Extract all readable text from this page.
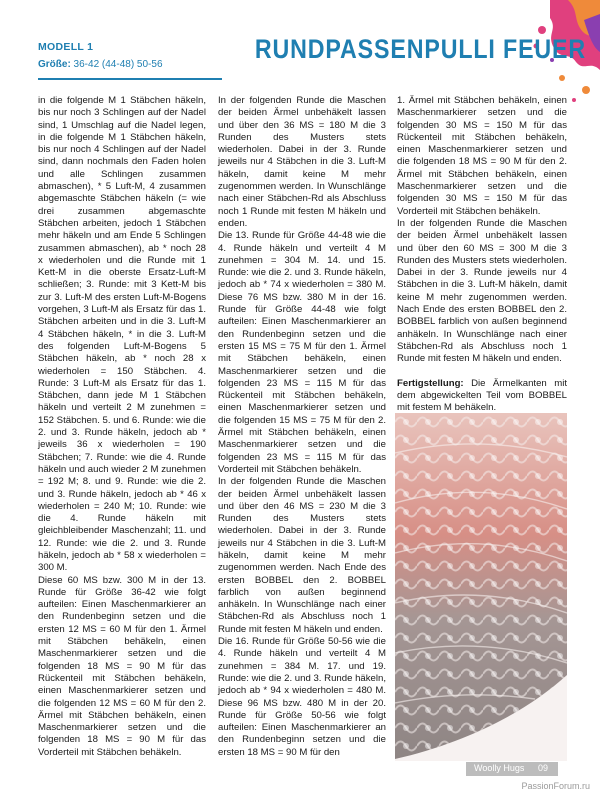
MODELL 1
Größe: 36-42 (44-48) 50-56
RUNDPASSENPULLI FEUER

in die folgende M 1 Stäbchen häkeln, bis nur noch 3 Schlingen auf der Nadel sind, 1 Umschlag auf die Nadel legen, in die folgende M 1 Stäbchen häkeln, bis nur noch 4 Schlingen auf der Nadel sind, dann nochmals den Faden holen und alle Schlingen zusammen abmaschen), * 5 Luft-M, 4 zusammen abgemaschte Stäbchen häkeln (= wie drei zusammen abgemaschte Stäbchen arbeiten, jedoch 1 Stäbchen mehr häkeln und am Ende 5 Schlingen zusammen abmaschen), ab * noch 28 x wiederholen und die Runde mit 1 Kett-M in die oberste Ersatz-Luft-M schließen; 3. Runde: mit 3 Kett-M bis zur 3. Luft-M des ersten Luft-M-Bogens vorgehen, 3 Luft-M als Ersatz für das 1. Stäbchen arbeiten und in die 3. Luft-M 4 Stäbchen häkeln, * in die 3. Luft-M des folgenden Luft-M-Bogens 5 Stäbchen häkeln, ab * noch 28 x wiederholen = 150 Stäbchen. 4. Runde: 3 Luft-M als Ersatz für das 1. Stäbchen, dann jede M 1 Stäbchen häkeln und verteilt 2 M zunehmen = 152 Stäbchen. 5. und 6. Runde: wie die 2. und 3. Runde häkeln, jedoch ab * jeweils 36 x wiederholen = 190 Stäbchen; 7. Runde: wie die 4. Runde häkeln und auch wieder 2 M zunehmen = 192 M; 8. und 9. Runde: wie die 2. und 3. Runde häkeln, jedoch ab * 46 x wiederholen = 240 M; 10. Runde: wie die 4. Runde häkeln mit gleichbleibender Maschenzahl; 11. und 12. Runde: wie die 2. und 3. Runde häkeln, jedoch ab * 58 x wiederholen = 300 M.

Diese 60 MS bzw. 300 M in der 13. Runde für Größe 36-42 wie folgt aufteilen: Einen Maschenmarkierer an den Rundenbeginn setzen und die ersten 12 MS = 60 M für den 1. Ärmel mit Stäbchen behäkeln, einen Maschenmarkierer setzen und die folgenden 18 MS = 90 M für das Rückenteil mit Stäbchen behäkeln, einen Maschenmarkierer setzen und die folgenden 12 MS = 60 M für den 2. Ärmel mit Stäbchen behäkeln, einen Maschenmarkierer setzen und die folgenden 18 MS = 90 M für das Vorderteil mit Stäbchen behäkeln.

In der folgenden Runde die Maschen der beiden Ärmel unbehäkelt lassen und über den 36 MS = 180 M die 3 Runden des Musters stets wiederholen. Dabei in der 3. Runde jeweils nur 4 Stäbchen in die 3. Luft-M häkeln, damit keine M mehr zugenommen werden. In Wunschlänge nach einer Stäbchen-Rd als Abschluss noch 1 Runde mit festen M häkeln und enden.

Die 13. Runde für Größe 44-48 wie die 4. Runde häkeln und verteilt 4 M zunehmen = 304 M. 14. und 15. Runde: wie die 2. und 3. Runde häkeln, jedoch ab * 74 x wiederholen = 380 M. Diese 76 MS bzw. 380 M in der 16. Runde für Größe 44-48 wie folgt aufteilen: Einen Maschenmarkierer an den Rundenbeginn setzen und die ersten 15 MS = 75 M für den 1. Ärmel mit Stäbchen behäkeln, einen Maschenmarkierer setzen und die folgenden 23 MS = 115 M für das Rückenteil mit Stäbchen behäkeln, einen Maschenmarkierer setzen und die folgenden 15 MS = 75 M für den 2. Ärmel mit Stäbchen behäkeln, einen Maschenmarkierer setzen und die folgenden 23 MS = 115 M für das Vorderteil mit Stäbchen behäkeln.

In der folgenden Runde die Maschen der beiden Ärmel unbehäkelt lassen und über den 46 MS = 230 M die 3 Runden des Musters stets wiederholen. Dabei in der 3. Runde jeweils nur 4 Stäbchen in die 3. Luft-M häkeln, damit keine M mehr zugenommen werden. Nach Ende des ersten BOBBEL den 2. BOBBEL farblich von außen beginnend anhäkeln. In Wunschlänge nach einer Stäbchen-Rd als Abschluss noch 1 Runde mit festen M häkeln und enden.

Die 16. Runde für Größe 50-56 wie die 4. Runde häkeln und verteilt 4 M zunehmen = 384 M. 17. und 19. Runde: wie die 2. und 3. Runde häkeln, jedoch ab * 94 x wiederholen = 480 M. Diese 96 MS bzw. 480 M in der 20. Runde für Größe 50-56 wie folgt aufteilen: Einen Maschenmarkierer an den Rundenbeginn setzen und die ersten 18 MS = 90 M für den

1. Ärmel mit Stäbchen behäkeln, einen Maschenmarkierer setzen und die folgenden 30 MS = 150 M für das Rückenteil mit Stäbchen behäkeln, einen Maschenmarkierer setzen und die folgenden 18 MS = 90 M für den 2. Ärmel mit Stäbchen behäkeln, einen Maschenmarkierer setzen und die folgenden 30 MS = 150 M für das Vorderteil mit Stäbchen behäkeln.

In der folgenden Runde die Maschen der beiden Ärmel unbehäkelt lassen und über den 60 MS = 300 M die 3 Runden des Musters stets wiederholen. Dabei in der 3. Runde jeweils nur 4 Stäbchen in die 3. Luft-M häkeln, damit keine M mehr zugenommen werden. Nach Ende des ersten BOBBEL den 2. BOBBEL farblich von außen beginnend anhäkeln. In Wunschlänge nach einer Stäbchen-Rd als Abschluss noch 1 Runde mit festen M häkeln und enden.

Fertigstellung: Die Ärmelkanten mit dem abgewickelten Teil vom BOBBEL mit festem M behäkeln.

Woolly Hugs 09
PassionForum.ru
